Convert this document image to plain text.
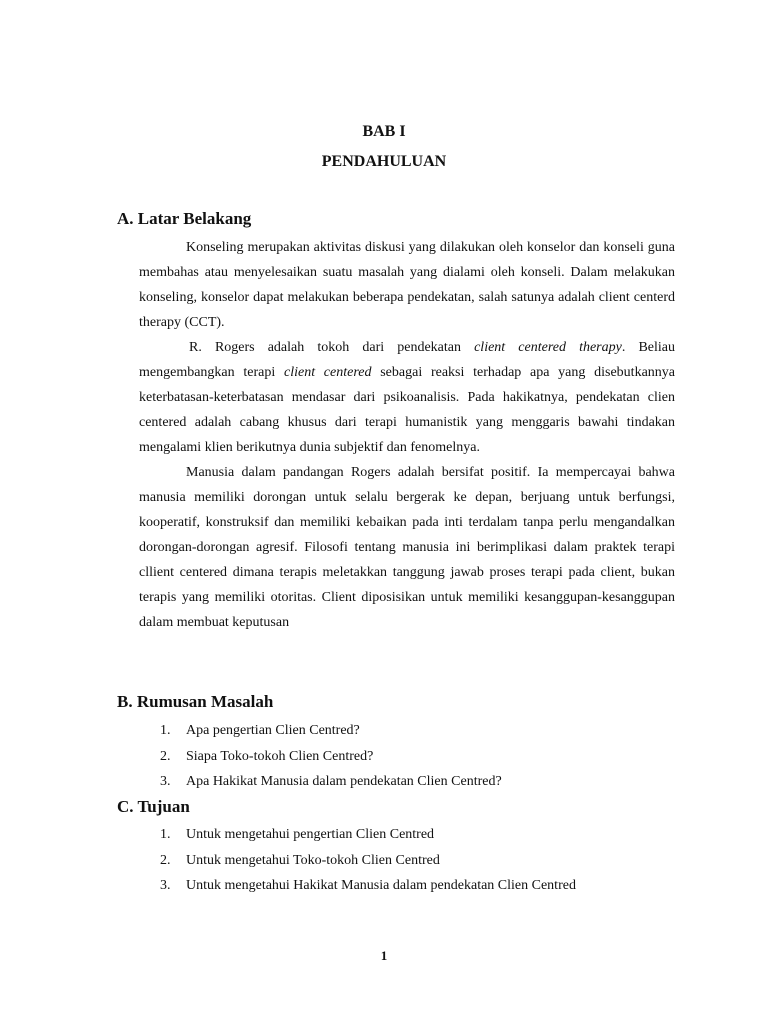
BAB I
PENDAHULUAN
A. Latar Belakang

Konseling merupakan aktivitas diskusi yang dilakukan oleh konselor dan konseli guna membahas atau menyelesaikan suatu masalah yang dialami oleh konseli. Dalam melakukan konseling, konselor dapat melakukan beberapa pendekatan, salah satunya adalah client centerd therapy (CCT).

R. Rogers adalah tokoh dari pendekatan client centered therapy. Beliau mengembangkan terapi client centered sebagai reaksi terhadap apa yang disebutkannya keterbatasan-keterbatasan mendasar dari psikoanalisis. Pada hakikatnya, pendekatan clien centered adalah cabang khusus dari terapi humanistik yang menggaris bawahi tindakan mengalami klien berikutnya dunia subjektif dan fenomelnya.

Manusia dalam pandangan Rogers adalah bersifat positif. Ia mempercayai bahwa manusia memiliki dorongan untuk selalu bergerak ke depan, berjuang untuk berfungsi, kooperatif, konstruksif dan memiliki kebaikan pada inti terdalam tanpa perlu mengandalkan dorongan-dorongan agresif. Filosofi tentang manusia ini berimplikasi dalam praktek terapi cllient centered dimana terapis meletakkan tanggung jawab proses terapi pada client, bukan terapis yang memiliki otoritas. Client diposisikan untuk memiliki kesanggupan-kesanggupan dalam membuat keputusan

B. Rumusan Masalah
1. Apa pengertian Clien Centred?
2. Siapa Toko-tokoh Clien Centred?
3. Apa Hakikat Manusia dalam pendekatan Clien Centred?
C. Tujuan
1. Untuk mengetahui pengertian Clien Centred
2. Untuk mengetahui Toko-tokoh Clien Centred
3. Untuk mengetahui Hakikat Manusia dalam pendekatan Clien Centred
1
